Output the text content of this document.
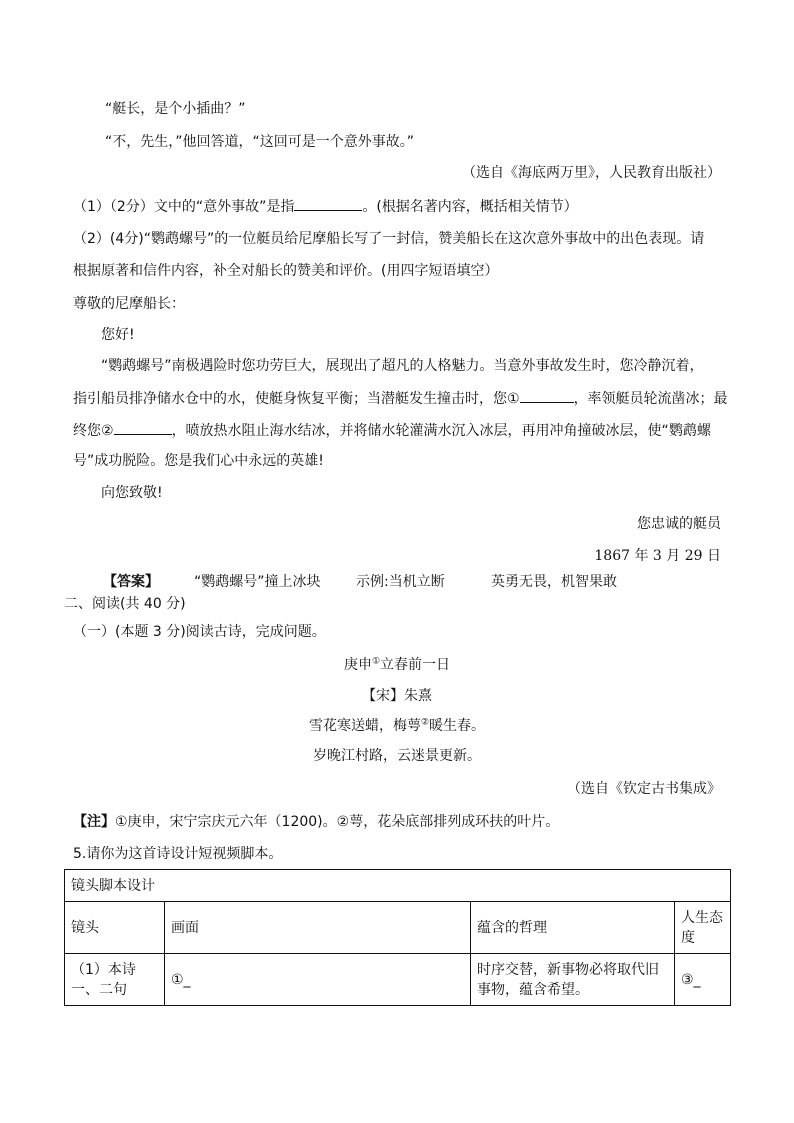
“艇长，是个小插曲？”
“不，先生，”他回答道，“这回可是一个意外事故。”
（选自《海底两万里》，人民教育出版社）
（1）（2分）文中的“意外事故”是指	。(根据名著内容，概括相关情节）
（2）(4分)“鹦鹉螺号”的一位艇员给尼摩船长写了一封信，赞美船长在这次意外事故中的出色表现。请
根据原著和信件内容，补全对船长的赞美和评价。(用四字短语填空）
尊敬的尼摩船长：
您好!
“鹦鹉螺号”南极遇险时您功劳巨大，展现出了超凡的人格魅力。当意外事故发生时，您冷静沉着，
指引船员排净储水仓中的水，使艇身恢复平衡；当潜艇发生撞击时，您①	，率领艇员轮流凿冰；最
终您②	，喷放热水阻止海水结冰，并将储水轮灌满水沉入冰层，再用冲角撞破冰层，使“鹦鹉螺
号”成功脱险。您是我们心中永远的英雄!
向您致敬!
您忠诚的艇员
1867 年 3 月 29 日
【答案】	“鹦鹉螺号”撞上冰块	示例:当机立断	英勇无畏，机智果敢
二、阅读(共 40 分)
（一）(本题 3 分)阅读古诗，完成问题。
庚申①立春前一日
【宋】朱熹
雪花寒送蜡，梅萼②暖生春。
岁晚江村路，云迷景更新。
（选自《钦定古书集成》
【注】①庚申，宋宁宗庆元六年（1200)。②萼，花朵底部排列成环扶的叶片。
5.请你为这首诗设计短视频脚本。
镜头脚本设计			
镜头	画面	蕴含的哲理	人生态度
（1）本诗一、二句	①_	时序交替，新事物必将取代旧事物，蕴含希望。	③_
